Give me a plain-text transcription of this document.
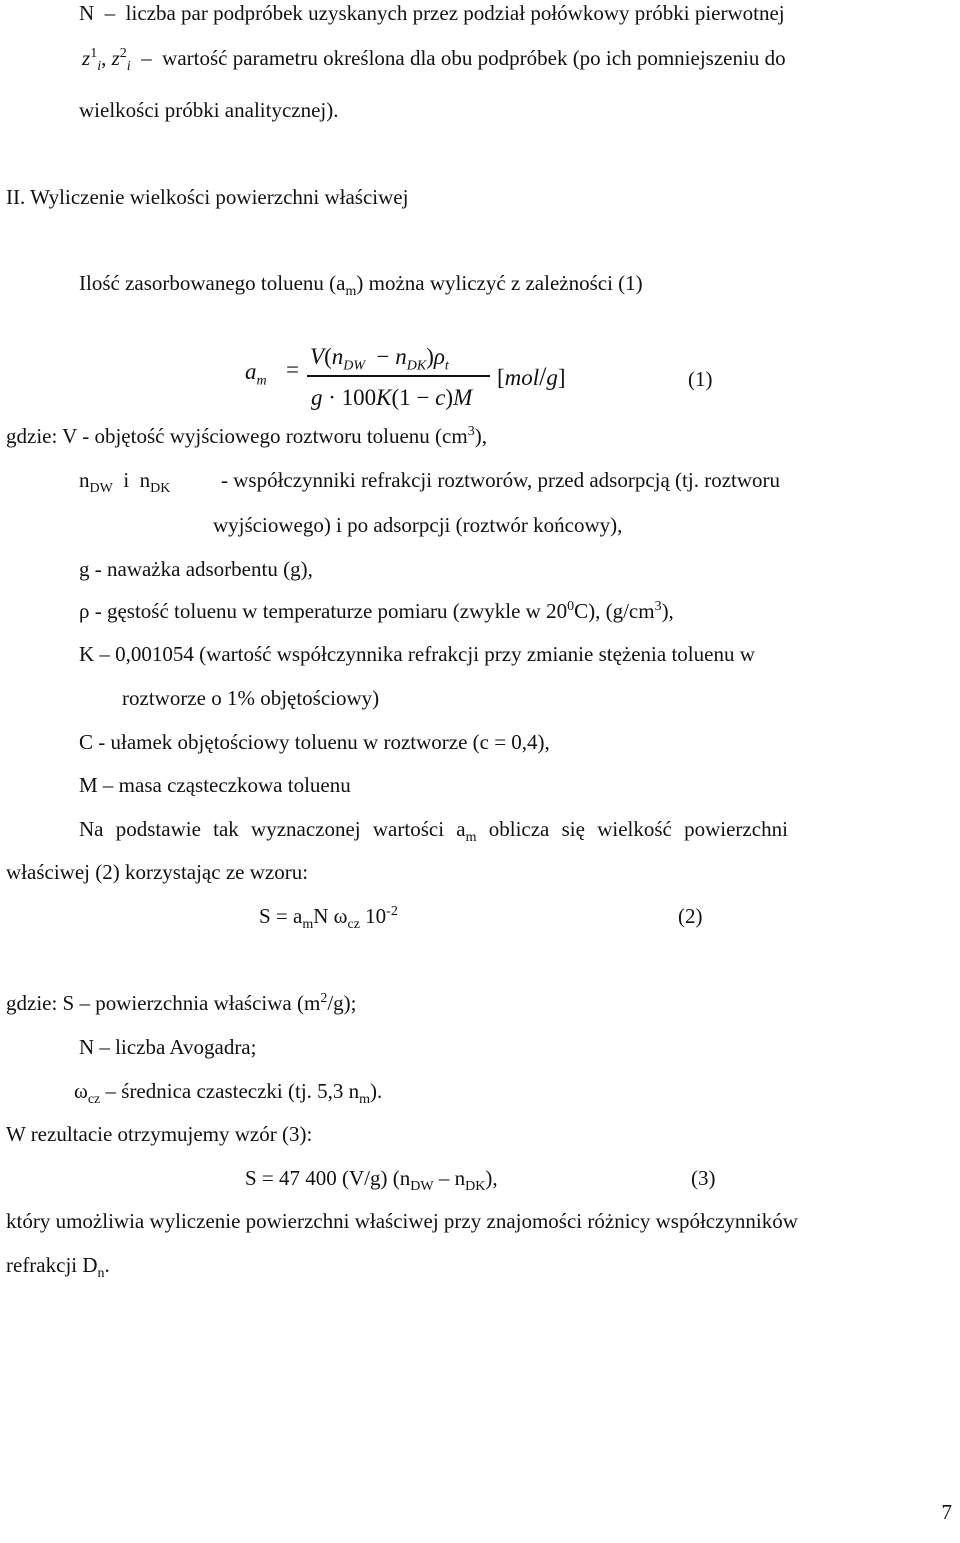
N  –  liczba par podpróbek uzyskanych przez podział połówkowy próbki pierwotnej
$z^1_i$, $z^2_i$  –  wartość parametru określona dla obu podpróbek (po ich pomniejszeniu do
wielkości próbki analitycznej).
II. Wyliczenie wielkości powierzchni właściwej
Ilość zasorbowanego toluenu $(a_m)$ można wyliczyć z zależności (1)
$a_m$ =
$V(n_{DW} - n_{DK})\rho_t$
g · 100K(1 − c)M
[mol/g]	(1)
gdzie: V - objętość wyjściowego roztworu toluenu $(cm^3)$,
$n_{DW}$ i $n_{DK}$ - współczynniki refrakcji roztworów, przed adsorpcją (tj. roztworu
wyjściowego) i po adsorpcji (roztwór końcowy),
g - naważka adsorbentu (g),
ρ - gęstość toluenu w temperaturze pomiaru (zwykle w $20^0C$), $(g/cm^3)$,
K – 0,001054 (wartość współczynnika refrakcji przy zmianie stężenia toluenu w
roztworze o 1% objętościowy)
C - ułamek objętościowy toluenu w roztworze (c = 0,4),
M – masa cząsteczkowa toluenu
Na podstawie tak wyznaczonej wartości $a_m$ oblicza się wielkość powierzchni
właściwej (2) korzystając ze wzoru:
$S = a_mN$ $\omega_{cz}$ $10^{-2}$	(2)
gdzie: S – powierzchnia właściwa $(m^2/g)$;
N – liczba Avogadra;
$\omega_{cz}$ – średnica czasteczki (tj. 5,3 $n_m$).
W rezultacie otrzymujemy wzór (3):
S = 47 400 (V/g) $(n_{DW} - n_{DK})$,	(3)
który umożliwia wyliczenie powierzchni właściwej przy znajomości różnicy współczynników
refrakcji $D_n$.
7
